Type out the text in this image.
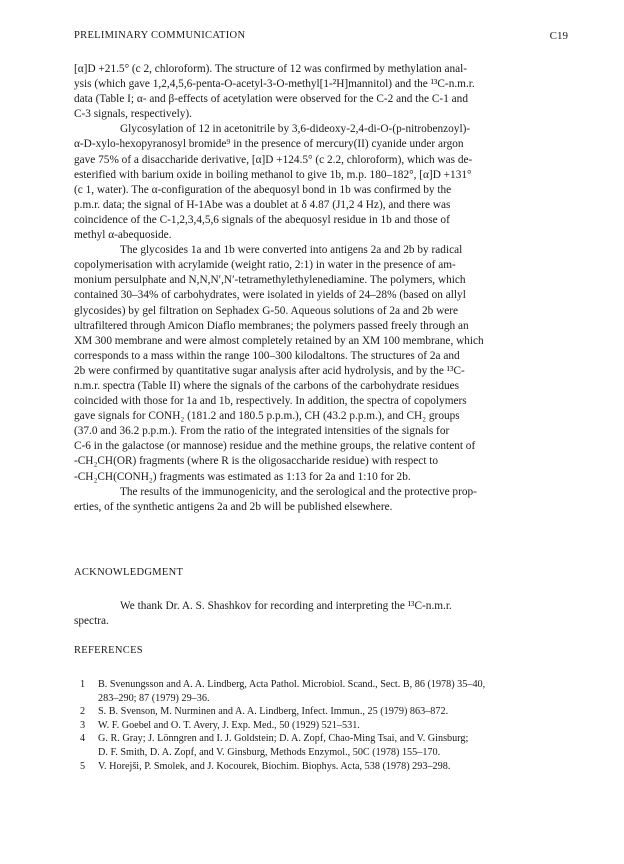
PRELIMINARY COMMUNICATION	C19

[α]D +21.5° (c 2, chloroform). The structure of 12 was confirmed by methylation anal-
ysis (which gave 1,2,4,5,6-penta-O-acetyl-3-O-methyl[1-²H]mannitol) and the ¹³C-n.m.r.
data (Table I; α- and β-effects of acetylation were observed for the C-2 and the C-1 and
C-3 signals, respectively).

Glycosylation of 12 in acetonitrile by 3,6-dideoxy-2,4-di-O-(p-nitrobenzoyl)-
α-D-xylo-hexopyranosyl bromide⁹ in the presence of mercury(II) cyanide under argon
gave 75% of a disaccharide derivative, [α]D +124.5° (c 2.2, chloroform), which was de-
esterified with barium oxide in boiling methanol to give 1b, m.p. 180–182°, [α]D +131°
(c 1, water). The α-configuration of the abequosyl bond in 1b was confirmed by the
p.m.r. data; the signal of H-1Abe was a doublet at δ 4.87 (J1,2 4 Hz), and there was
coincidence of the C-1,2,3,4,5,6 signals of the abequosyl residue in 1b and those of
methyl α-abequoside.

The glycosides 1a and 1b were converted into antigens 2a and 2b by radical
copolymerisation with acrylamide (weight ratio, 2:1) in water in the presence of am-
monium persulphate and N,N,N′,N′-tetramethylethylenediamine. The polymers, which
contained 30–34% of carbohydrates, were isolated in yields of 24–28% (based on allyl
glycosides) by gel filtration on Sephadex G-50. Aqueous solutions of 2a and 2b were
ultrafiltered through Amicon Diaflo membranes; the polymers passed freely through an
XM 300 membrane and were almost completely retained by an XM 100 membrane, which
corresponds to a mass within the range 100–300 kilodaltons. The structures of 2a and
2b were confirmed by quantitative sugar analysis after acid hydrolysis, and by the ¹³C-
n.m.r. spectra (Table II) where the signals of the carbons of the carbohydrate residues
coincided with those for 1a and 1b, respectively. In addition, the spectra of copolymers
gave signals for CONH₂ (181.2 and 180.5 p.p.m.), CH (43.2 p.p.m.), and CH₂ groups
(37.0 and 36.2 p.p.m.). From the ratio of the integrated intensities of the signals for
C-6 in the galactose (or mannose) residue and the methine groups, the relative content of
-CH₂CH(OR) fragments (where R is the oligosaccharide residue) with respect to
-CH₂CH(CONH₂) fragments was estimated as 1:13 for 2a and 1:10 for 2b.

The results of the immunogenicity, and the serological and the protective prop-
erties, of the synthetic antigens 2a and 2b will be published elsewhere.

ACKNOWLEDGMENT
We thank Dr. A. S. Shashkov for recording and interpreting the ¹³C-n.m.r.
spectra.
REFERENCES
1 B. Svenungsson and A. A. Lindberg, Acta Pathol. Microbiol. Scand., Sect. B, 86 (1978) 35–40,
283–290; 87 (1979) 29–36.
2 S. B. Svenson, M. Nurminen and A. A. Lindberg, Infect. Immun., 25 (1979) 863–872.
3 W. F. Goebel and O. T. Avery, J. Exp. Med., 50 (1929) 521–531.
4 G. R. Gray; J. Lönngren and I. J. Goldstein; D. A. Zopf, Chao-Ming Tsai, and V. Ginsburg;
D. F. Smith, D. A. Zopf, and V. Ginsburg, Methods Enzymol., 50C (1978) 155–170.
5 V. Horejši, P. Smolek, and J. Kocourek, Biochim. Biophys. Acta, 538 (1978) 293–298.
